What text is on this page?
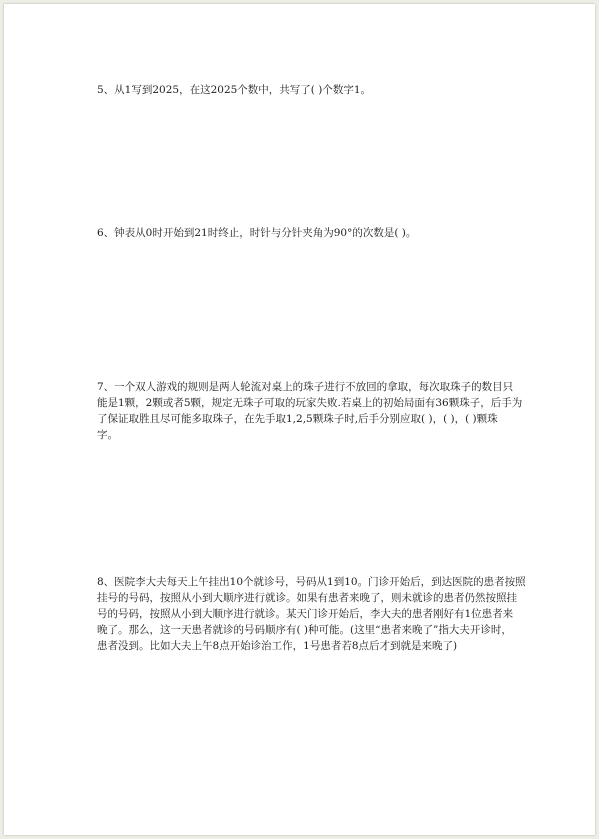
5、从1写到2025，在这2025个数中，共写了( )个数字1。
6、钟表从0时开始到21时终止，时针与分针夹角为90°的次数是( )。
7、一个双人游戏的规则是两人轮流对桌上的珠子进行不放回的拿取，每次取珠子的数目只
能是1颗，2颗或者5颗，规定无珠子可取的玩家失败.若桌上的初始局面有36颗珠子，后手为
了保证取胜且尽可能多取珠子，在先手取1,2,5颗珠子时,后手分别应取( )，( )，( )颗珠
字。
8、医院李大夫每天上午挂出10个就诊号，号码从1到10。门诊开始后，到达医院的患者按照
挂号的号码，按照从小到大顺序进行就诊。如果有患者来晚了，则未就诊的患者仍然按照挂
号的号码，按照从小到大顺序进行就诊。某天门诊开始后，李大夫的患者刚好有1位患者来
晚了。那么，这一天患者就诊的号码顺序有( )种可能。(这里“患者来晚了”指大夫开诊时，
患者没到。比如大夫上午8点开始诊治工作，1号患者若8点后才到就是来晚了)
